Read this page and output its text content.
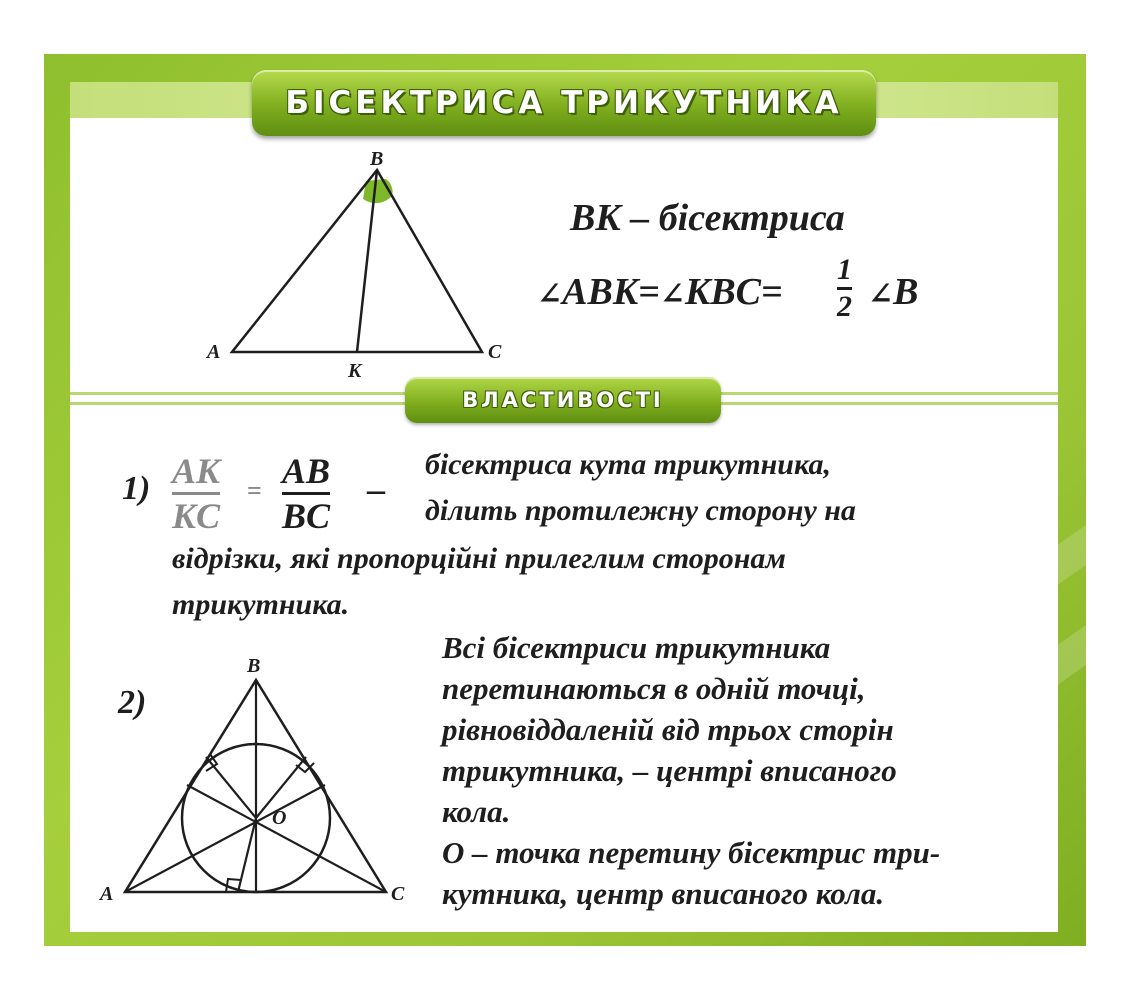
БІСЕКТРИСА ТРИКУТНИКА
B
A	C
K
BK – бісектриса
∠ABK=∠KBC=
1
2 ∠B
ВЛАСТИВОСТІ
1) AK
KC
= AB
BC
–
бісектриса кута трикутника,
ділить протилежну сторону на
відрізки, які пропорційні прилеглим сторонам
трикутника.
2)
B
A	C
O
Всі бісектриси трикутника
перетинаються в одній точці,
рівновіддаленій від трьох сторін
трикутника, – центрі вписаного
кола.
O – точка перетину бісектрис три-
кутника, центр вписаного кола.
